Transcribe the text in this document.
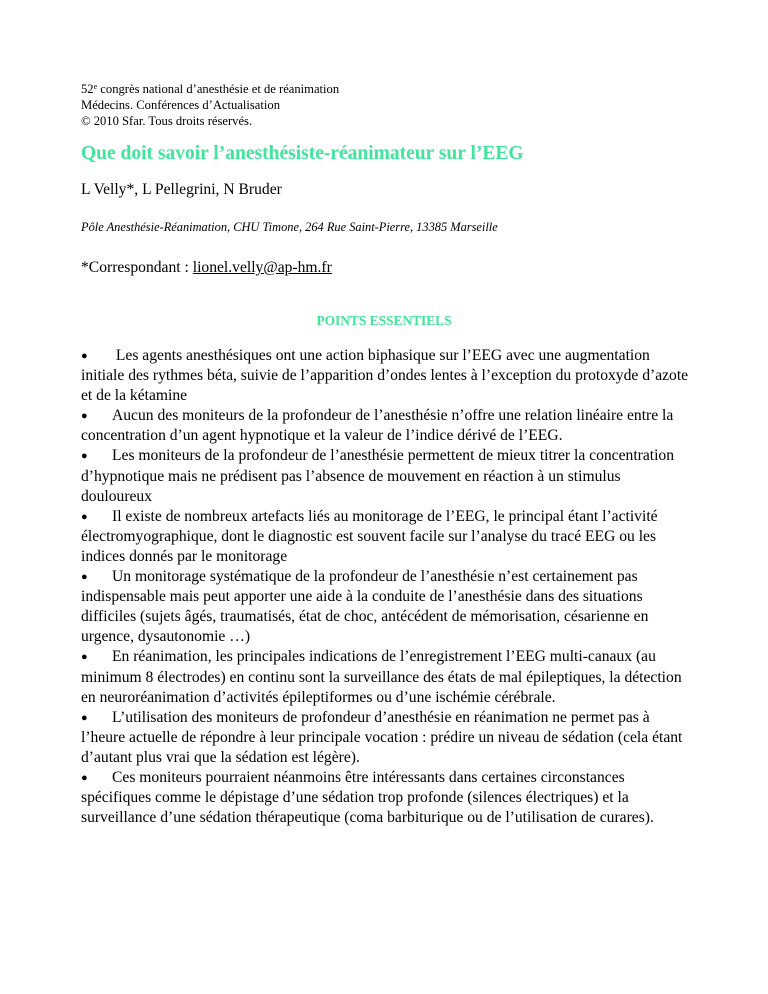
52e congrès national d’anesthésie et de réanimation
Médecins. Conférences d’Actualisation
© 2010 Sfar. Tous droits réservés.
Que doit savoir l’anesthésiste-réanimateur sur l’EEG
L Velly*, L Pellegrini, N Bruder
Pôle Anesthésie-Réanimation, CHU Timone, 264 Rue Saint-Pierre, 13385 Marseille
*Correspondant : lionel.velly@ap-hm.fr
POINTS ESSENTIELS
● Les agents anesthésiques ont une action biphasique sur l’EEG avec une augmentation initiale des rythmes béta, suivie de l’apparition d’ondes lentes à l’exception du protoxyde d’azote et de la kétamine
● Aucun des moniteurs de la profondeur de l’anesthésie n’offre une relation linéaire entre la concentration d’un agent hypnotique et la valeur de l’indice dérivé de l’EEG.
● Les moniteurs de la profondeur de l’anesthésie permettent de mieux titrer la concentration d’hypnotique mais ne prédisent pas l’absence de mouvement en réaction à un stimulus douloureux
● Il existe de nombreux artefacts liés au monitorage de l’EEG, le principal étant l’activité électromyographique, dont le diagnostic est souvent facile sur l’analyse du tracé EEG ou les indices donnés par le monitorage
● Un monitorage systématique de la profondeur de l’anesthésie n’est certainement pas indispensable mais peut apporter une aide à la conduite de l’anesthésie dans des situations difficiles (sujets âgés, traumatisés, état de choc, antécédent de mémorisation, césarienne en urgence, dysautonomie …)
● En réanimation, les principales indications de l’enregistrement l’EEG multi-canaux (au minimum 8 électrodes) en continu sont la surveillance des états de mal épileptiques, la détection en neuroréanimation d’activités épileptiformes ou d’une ischémie cérébrale.
● L’utilisation des moniteurs de profondeur d’anesthésie en réanimation ne permet pas à l’heure actuelle de répondre à leur principale vocation : prédire un niveau de sédation (cela étant d’autant plus vrai que la sédation est légère).
● Ces moniteurs pourraient néanmoins être intéressants dans certaines circonstances spécifiques comme le dépistage d’une sédation trop profonde (silences électriques) et la surveillance d’une sédation thérapeutique (coma barbiturique ou de l’utilisation de curares).
